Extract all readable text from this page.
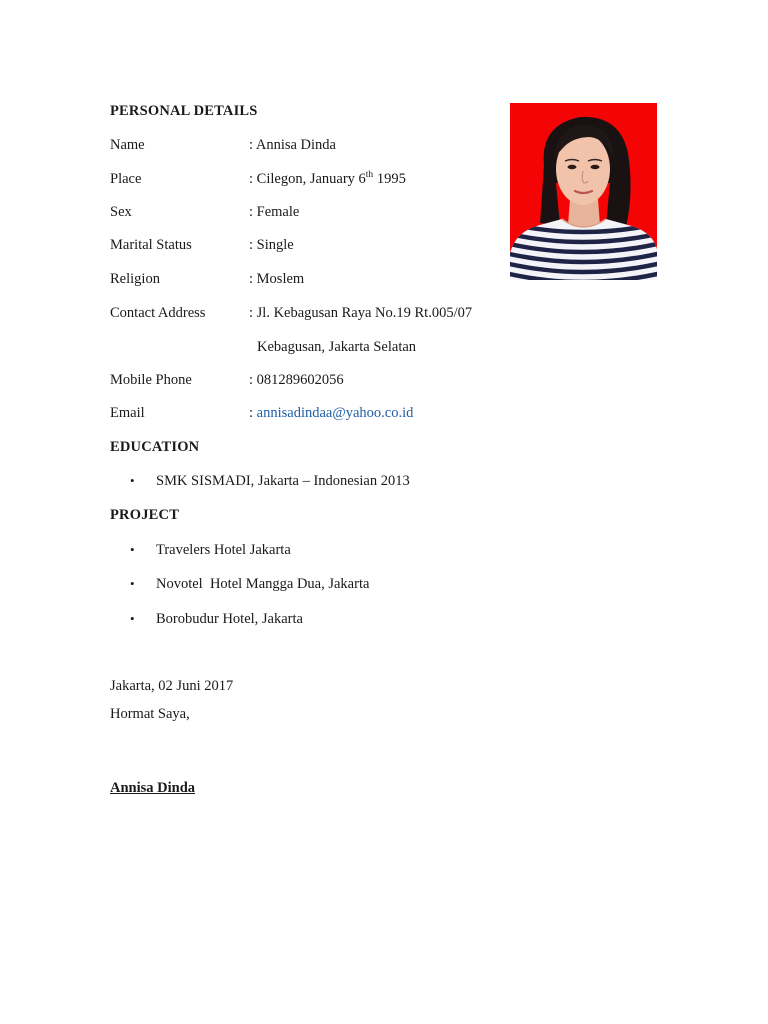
PERSONAL DETAILS
Name	: Annisa Dinda
Place	: Cilegon, January 6th 1995
Sex	: Female
Marital Status	: Single
Religion	: Moslem
Contact Address	: Jl. Kebagusan Raya No.19 Rt.005/07
Kebagusan, Jakarta Selatan
Mobile Phone	: 081289602056
Email	: annisadindaa@yahoo.co.id
EDUCATION
• SMK SISMADI, Jakarta – Indonesian 2013
PROJECT
• Travelers Hotel Jakarta
• Novotel  Hotel Mangga Dua, Jakarta
• Borobudur Hotel, Jakarta
Jakarta, 02 Juni 2017
Hormat Saya,
Annisa Dinda
